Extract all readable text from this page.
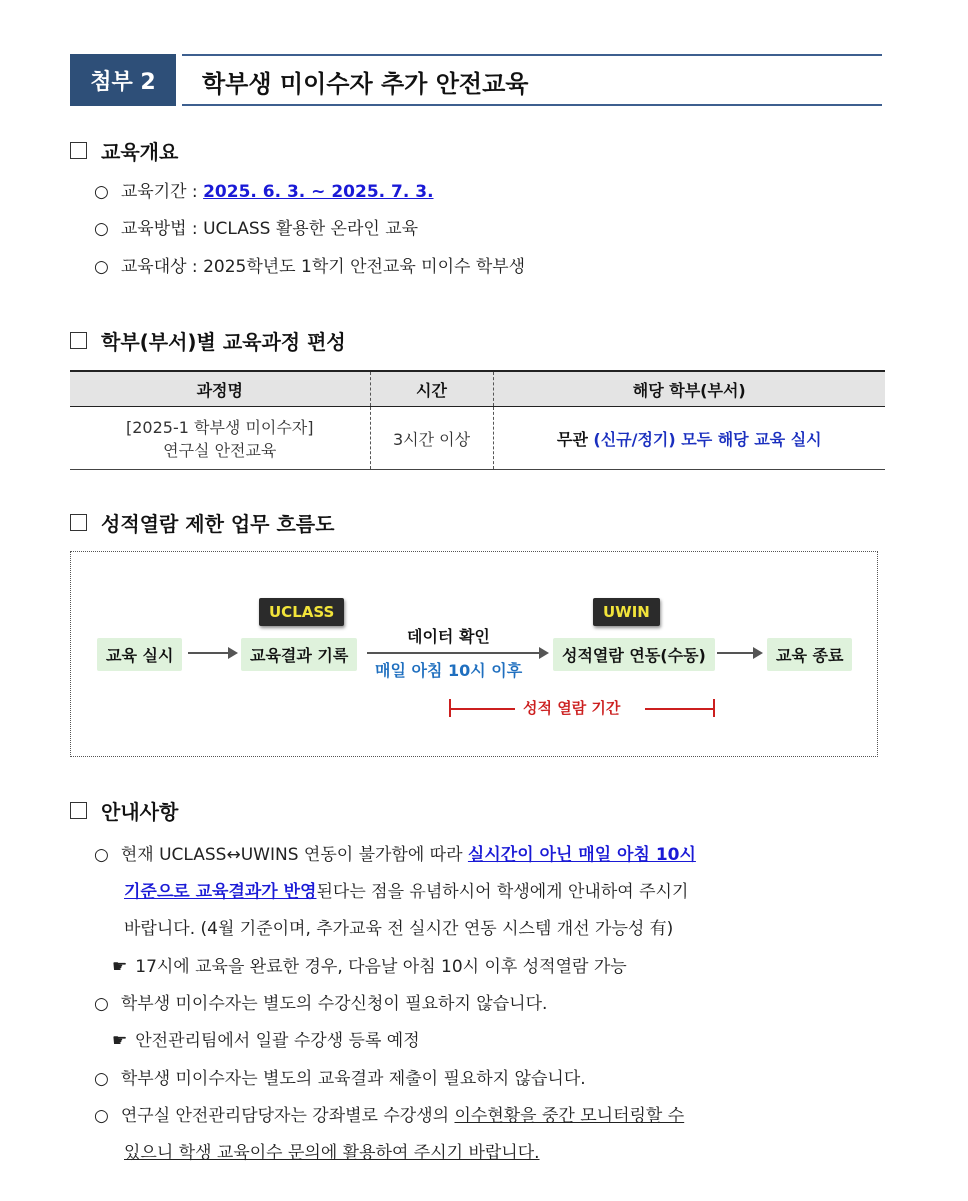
첨부 2	학부생 미이수자 추가 안전교육
교육개요
○ 교육기간 : 2025. 6. 3. ~ 2025. 7. 3.
○ 교육방법 : UCLASS 활용한 온라인 교육
○ 교육대상 : 2025학년도 1학기 안전교육 미이수 학부생
학부(부서)별 교육과정 편성
과정명	시간	해당 학부(부서)

[2025-1 학부생 미이수자]
연구실 안전교육	3시간 이상	무관 (신규/정기) 모두 해당 교육 실시
성적열람 제한 업무 흐름도
교육 실시
UCLASS
교육결과 기록
데이터 확인
매일 아침 10시 이후
UWIN
성적열람 연동(수동)	교육 종료
성적 열람 기간
안내사항
○ 현재 UCLASS↔UWINS 연동이 불가함에 따라 실시간이 아닌 매일 아침 10시
기준으로 교육결과가 반영된다는 점을 유념하시어 학생에게 안내하여 주시기
바랍니다. (4월 기준이며, 추가교육 전 실시간 연동 시스템 개선 가능성 有)
☛ 17시에 교육을 완료한 경우, 다음날 아침 10시 이후 성적열람 가능
○ 학부생 미이수자는 별도의 수강신청이 필요하지 않습니다.
☛ 안전관리팀에서 일괄 수강생 등록 예정
○ 학부생 미이수자는 별도의 교육결과 제출이 필요하지 않습니다.
○ 연구실 안전관리담당자는 강좌별로 수강생의 이수현황을 중간 모니터링할 수
있으니 학생 교육이수 문의에 활용하여 주시기 바랍니다.
